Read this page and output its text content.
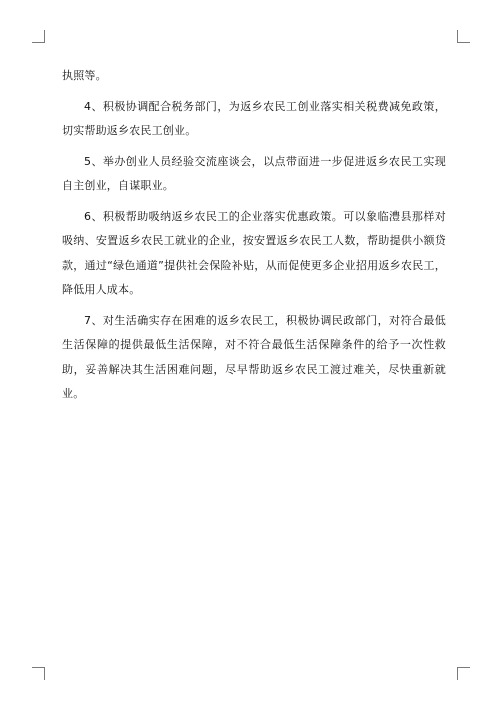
执照等。

4、积极协调配合税务部门，为返乡农民工创业落实相关税费减免政策，切实帮助返乡农民工创业。

5、举办创业人员经验交流座谈会，以点带面进一步促进返乡农民工实现自主创业，自谋职业。

6、积极帮助吸纳返乡农民工的企业落实优惠政策。可以象临澧县那样对吸纳、安置返乡农民工就业的企业，按安置返乡农民工人数，帮助提供小额贷款，通过“绿色通道”提供社会保险补贴，从而促使更多企业招用返乡农民工，降低用人成本。

7、对生活确实存在困难的返乡农民工，积极协调民政部门，对符合最低生活保障的提供最低生活保障，对不符合最低生活保障条件的给予一次性救助，妥善解决其生活困难问题，尽早帮助返乡农民工渡过难关，尽快重新就业。
